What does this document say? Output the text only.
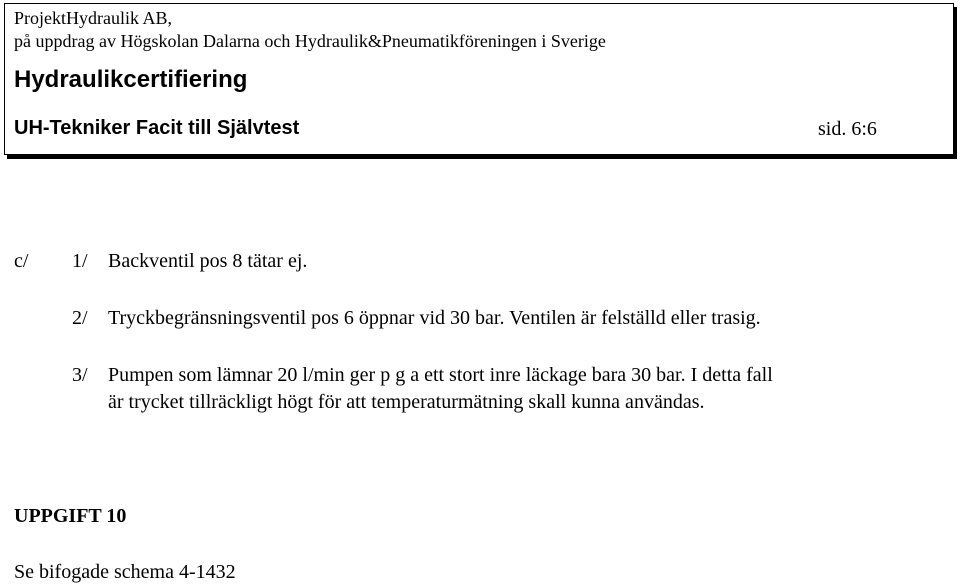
ProjektHydraulik AB,
på uppdrag av Högskolan Dalarna och Hydraulik&Pneumatikföreningen i Sverige
Hydraulikcertifiering
UH-Tekniker Facit till Självtest	sid. 6:6
c/ 1/ Backventil pos 8 tätar ej.
2/ Tryckbegränsningsventil pos 6 öppnar vid 30 bar. Ventilen är felställd eller trasig.
3/ Pumpen som lämnar 20 l/min ger p g a ett stort inre läckage bara 30 bar. I detta fall
är trycket tillräckligt högt för att temperaturmätning skall kunna användas.
UPPGIFT 10
Se bifogade schema 4-1432
